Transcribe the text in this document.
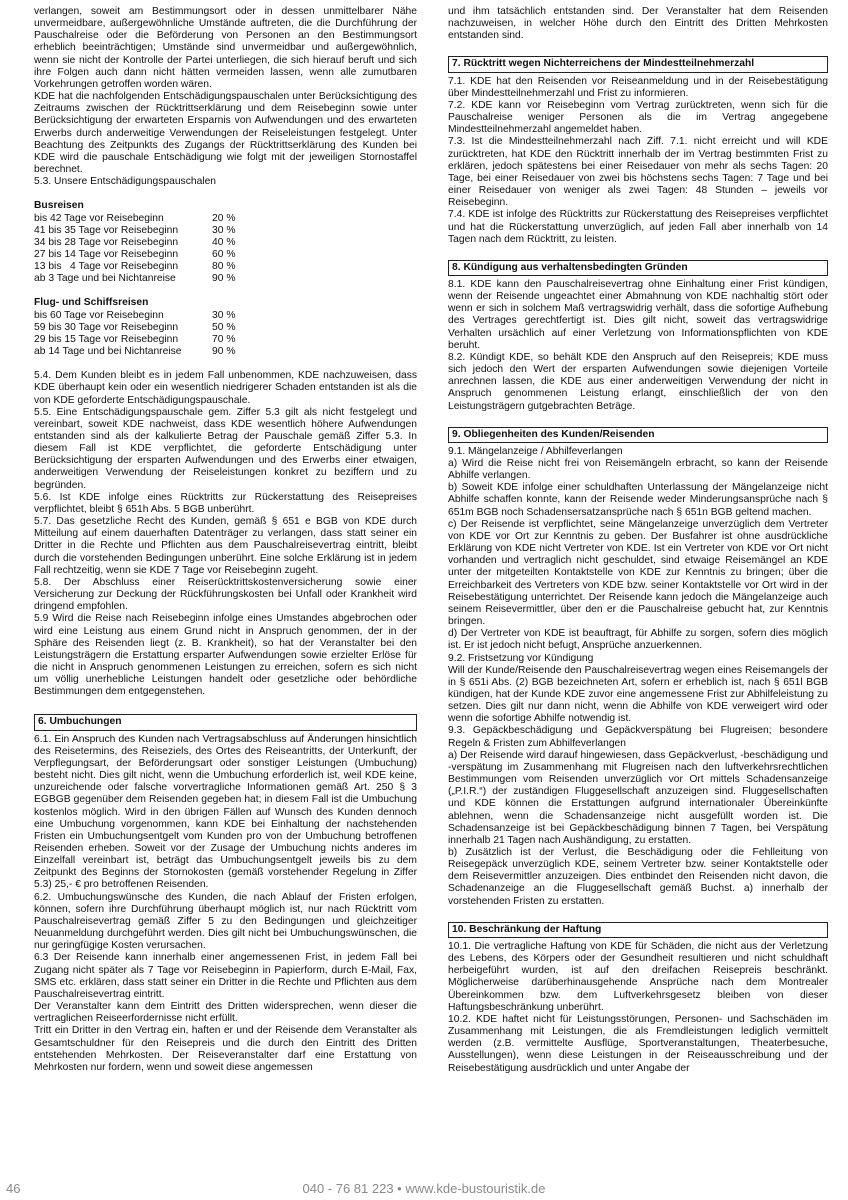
verlangen, soweit am Bestimmungsort oder in dessen unmittelbarer Nähe unvermeidbare, außergewöhnliche Umstände auftreten, die die Durchführung der Pauschalreise oder die Beförderung von Personen an den Bestimmungsort erheblich beeinträchtigen; Umstände sind unvermeidbar und außergewöhnlich, wenn sie nicht der Kontrolle der Partei unterliegen, die sich hierauf beruft und sich ihre Folgen auch dann nicht hätten vermeiden lassen, wenn alle zumutbaren Vorkehrungen getroffen worden wären.

KDE hat die nachfolgenden Entschädigungspauschalen unter Berücksichtigung des Zeitraums zwischen der Rücktrittserklärung und dem Reisebeginn sowie unter Berücksichtigung der erwarteten Ersparnis von Aufwendungen und des erwarteten Erwerbs durch anderweitige Verwendungen der Reiseleistungen festgelegt. Unter Beachtung des Zeitpunkts des Zugangs der Rücktrittserklärung des Kunden bei KDE wird die pauschale Entschädigung wie folgt mit der jeweiligen Stornostaffel berechnet.

5.3. Unsere Entschädigungspauschalen

Busreisen
bis 42 Tage vor Reisebeginn	20 %
41 bis 35 Tage vor Reisebeginn	30 %
34 bis 28 Tage vor Reisebeginn	40 %
27 bis 14 Tage vor Reisebeginn	60 %
13 bis   4 Tage vor Reisebeginn	80 %
ab 3 Tage und bei Nichtanreise	90 %
Flug- und Schiffsreisen
bis 60 Tage vor Reisebeginn	30 %
59 bis 30 Tage vor Reisebeginn	50 %
29 bis 15 Tage vor Reisebeginn	70 %
ab 14 Tage und bei Nichtanreise	90 %

5.4. Dem Kunden bleibt es in jedem Fall unbenommen, KDE nachzuweisen, dass KDE überhaupt kein oder ein wesentlich niedrigerer Schaden entstanden ist als die von KDE geforderte Entschädigungspauschale.

5.5. Eine Entschädigungspauschale gem. Ziffer 5.3 gilt als nicht festgelegt und vereinbart, soweit KDE nachweist, dass KDE wesentlich höhere Aufwendungen entstanden sind als der kalkulierte Betrag der Pauschale gemäß Ziffer 5.3. In diesem Fall ist KDE verpflichtet, die geforderte Entschädigung unter Berücksichtigung der ersparten Aufwendungen und des Erwerbs einer etwaigen, anderweitigen Verwendung der Reiseleistungen konkret zu beziffern und zu begründen.

5.6. Ist KDE infolge eines Rücktritts zur Rückerstattung des Reisepreises verpflichtet, bleibt § 651h Abs. 5 BGB unberührt.

5.7. Das gesetzliche Recht des Kunden, gemäß § 651 e BGB von KDE durch Mitteilung auf einem dauerhaften Datenträger zu verlangen, dass statt seiner ein Dritter in die Rechte und Pflichten aus dem Pauschalreisevertrag eintritt, bleibt durch die vorstehenden Bedingungen unberührt. Eine solche Erklärung ist in jedem Fall rechtzeitig, wenn sie KDE 7 Tage vor Reisebeginn zugeht.

5.8. Der Abschluss einer Reiserücktrittskostenversicherung sowie einer Versicherung zur Deckung der Rückführungskosten bei Unfall oder Krankheit wird dringend empfohlen.

5.9 Wird die Reise nach Reisebeginn infolge eines Umstandes abgebrochen oder wird eine Leistung aus einem Grund nicht in Anspruch genommen, der in der Sphäre des Reisenden liegt (z. B. Krankheit), so hat der Veranstalter bei den Leistungsträgern die Erstattung ersparter Aufwendungen sowie erzielter Erlöse für die nicht in Anspruch genommenen Leistungen zu erreichen, sofern es sich nicht um völlig unerhebliche Leistungen handelt oder gesetzliche oder behördliche Bestimmungen dem entgegenstehen.

6. Umbuchungen

6.1. Ein Anspruch des Kunden nach Vertragsabschluss auf Änderungen hinsichtlich des Reisetermins, des Reiseziels, des Ortes des Reiseantritts, der Unterkunft, der Verpflegungsart, der Beförderungsart oder sonstiger Leistungen (Umbuchung) besteht nicht. Dies gilt nicht, wenn die Umbuchung erforderlich ist, weil KDE keine, unzureichende oder falsche vorvertragliche Informationen gemäß Art. 250 § 3 EGBGB gegenüber dem Reisenden gegeben hat; in diesem Fall ist die Umbuchung kostenlos möglich. Wird in den übrigen Fällen auf Wunsch des Kunden dennoch eine Umbuchung vorgenommen, kann KDE bei Einhaltung der nachstehenden Fristen ein Umbuchungsentgelt vom Kunden pro von der Umbuchung betroffenen Reisenden erheben. Soweit vor der Zusage der Umbuchung nichts anderes im Einzelfall vereinbart ist, beträgt das Umbuchungsentgelt jeweils bis zu dem Zeitpunkt des Beginns der Stornokosten (gemäß vorstehender Regelung in Ziffer 5.3) 25,- € pro betroffenen Reisenden.

6.2. Umbuchungswünsche des Kunden, die nach Ablauf der Fristen erfolgen, können, sofern ihre Durchführung überhaupt möglich ist, nur nach Rücktritt vom Pauschalreisevertrag gemäß Ziffer 5 zu den Bedingungen und gleichzeitiger Neuanmeldung durchgeführt werden. Dies gilt nicht bei Umbuchungswünschen, die nur geringfügige Kosten verursachen.

6.3 Der Reisende kann innerhalb einer angemessenen Frist, in jedem Fall bei Zugang nicht später als 7 Tage vor Reisebeginn in Papierform, durch E-Mail, Fax, SMS etc. erklären, dass statt seiner ein Dritter in die Rechte und Pflichten aus dem Pauschalreisevertrag eintritt.

Der Veranstalter kann dem Eintritt des Dritten widersprechen, wenn dieser die vertraglichen Reiseerfordernisse nicht erfüllt.

Tritt ein Dritter in den Vertrag ein, haften er und der Reisende dem Veranstalter als Gesamtschuldner für den Reisepreis und die durch den Eintritt des Dritten entstehenden Mehrkosten. Der Reiseveranstalter darf eine Erstattung von Mehrkosten nur fordern, wenn und soweit diese angemessen

und ihm tatsächlich entstanden sind. Der Veranstalter hat dem Reisenden nachzuweisen, in welcher Höhe durch den Eintritt des Dritten Mehrkosten entstanden sind.

7. Rücktritt wegen Nichterreichens der Mindestteilnehmerzahl

7.1. KDE hat den Reisenden vor Reiseanmeldung und in der Reisebestätigung über Mindestteilnehmerzahl und Frist zu informieren.

7.2. KDE kann vor Reisebeginn vom Vertrag zurücktreten, wenn sich für die Pauschalreise weniger Personen als die im Vertrag angegebene Mindestteilnehmerzahl angemeldet haben.

7.3. Ist die Mindestteilnehmerzahl nach Ziff. 7.1. nicht erreicht und will KDE zurücktreten, hat KDE den Rücktritt innerhalb der im Vertrag bestimmten Frist zu erklären, jedoch spätestens bei einer Reisedauer von mehr als sechs Tagen: 20 Tage, bei einer Reisedauer von zwei bis höchstens sechs Tagen: 7 Tage und bei einer Reisedauer von weniger als zwei Tagen: 48 Stunden – jeweils vor Reisebeginn.

7.4. KDE ist infolge des Rücktritts zur Rückerstattung des Reisepreises verpflichtet und hat die Rückerstattung unverzüglich, auf jeden Fall aber innerhalb von 14 Tagen nach dem Rücktritt, zu leisten.

8. Kündigung aus verhaltensbedingten Gründen

8.1. KDE kann den Pauschalreisevertrag ohne Einhaltung einer Frist kündigen, wenn der Reisende ungeachtet einer Abmahnung von KDE nachhaltig stört oder wenn er sich in solchem Maß vertragswidrig verhält, dass die sofortige Aufhebung des Vertrages gerechtfertigt ist. Dies gilt nicht, soweit das vertragswidrige Verhalten ursächlich auf einer Verletzung von Informationspflichten von KDE beruht.

8.2. Kündigt KDE, so behält KDE den Anspruch auf den Reisepreis; KDE muss sich jedoch den Wert der ersparten Aufwendungen sowie diejenigen Vorteile anrechnen lassen, die KDE aus einer anderweitigen Verwendung der nicht in Anspruch genommenen Leistung erlangt, einschließlich der von den Leistungsträgern gutgebrachten Beträge.

9. Obliegenheiten des Kunden/Reisenden

9.1. Mängelanzeige / Abhilfeverlangen

a) Wird die Reise nicht frei von Reisemängeln erbracht, so kann der Reisende Abhilfe verlangen.

b) Soweit KDE infolge einer schuldhaften Unterlassung der Mängelanzeige nicht Abhilfe schaffen konnte, kann der Reisende weder Minderungsansprüche nach § 651m BGB noch Schadensersatzansprüche nach § 651n BGB geltend machen.

c) Der Reisende ist verpflichtet, seine Mängelanzeige unverzüglich dem Vertreter von KDE vor Ort zur Kenntnis zu geben. Der Busfahrer ist ohne ausdrückliche Erklärung von KDE nicht Vertreter von KDE. Ist ein Vertreter von KDE vor Ort nicht vorhanden und vertraglich nicht geschuldet, sind etwaige Reisemängel an KDE unter der mitgeteilten Kontaktstelle von KDE zur Kenntnis zu bringen; über die Erreichbarkeit des Vertreters von KDE bzw. seiner Kontaktstelle vor Ort wird in der Reisebestätigung unterrichtet. Der Reisende kann jedoch die Mängelanzeige auch seinem Reisevermittler, über den er die Pauschalreise gebucht hat, zur Kenntnis bringen.

d) Der Vertreter von KDE ist beauftragt, für Abhilfe zu sorgen, sofern dies möglich ist. Er ist jedoch nicht befugt, Ansprüche anzuerkennen.

9.2. Fristsetzung vor Kündigung

Will der Kunde/Reisende den Pauschalreisevertrag wegen eines Reisemangels der in § 651i Abs. (2) BGB bezeichneten Art, sofern er erheblich ist, nach § 651l BGB kündigen, hat der Kunde KDE zuvor eine angemessene Frist zur Abhilfeleistung zu setzen. Dies gilt nur dann nicht, wenn die Abhilfe von KDE verweigert wird oder wenn die sofortige Abhilfe notwendig ist.

9.3. Gepäckbeschädigung und Gepäckverspätung bei Flugreisen; besondere Regeln & Fristen zum Abhilfeverlangen

a) Der Reisende wird darauf hingewiesen, dass Gepäckverlust, -beschädigung und -verspätung im Zusammenhang mit Flugreisen nach den luftverkehrsrechtlichen Bestimmungen vom Reisenden unverzüglich vor Ort mittels Schadensanzeige („P.I.R.“) der zuständigen Fluggesellschaft anzuzeigen sind. Fluggesellschaften und KDE können die Erstattungen aufgrund internationaler Übereinkünfte ablehnen, wenn die Schadensanzeige nicht ausgefüllt worden ist. Die Schadensanzeige ist bei Gepäckbeschädigung binnen 7 Tagen, bei Verspätung innerhalb 21 Tagen nach Aushändigung, zu erstatten.

b) Zusätzlich ist der Verlust, die Beschädigung oder die Fehlleitung von Reisegepäck unverzüglich KDE, seinem Vertreter bzw. seiner Kontaktstelle oder dem Reisevermittler anzuzeigen. Dies entbindet den Reisenden nicht davon, die Schadenanzeige an die Fluggesellschaft gemäß Buchst. a) innerhalb der vorstehenden Fristen zu erstatten.

10. Beschränkung der Haftung

10.1. Die vertragliche Haftung von KDE für Schäden, die nicht aus der Verletzung des Lebens, des Körpers oder der Gesundheit resultieren und nicht schuldhaft herbeigeführt wurden, ist auf den dreifachen Reisepreis beschränkt. Möglicherweise darüberhinausgehende Ansprüche nach dem Montrealer Übereinkommen bzw. dem Luftverkehrsgesetz bleiben von dieser Haftungsbeschränkung unberührt.

10.2. KDE haftet nicht für Leistungsstörungen, Personen- und Sachschäden im Zusammenhang mit Leistungen, die als Fremdleistungen lediglich vermittelt werden (z.B. vermittelte Ausflüge, Sportveranstaltungen, Theaterbesuche, Ausstellungen), wenn diese Leistungen in der Reiseausschreibung und der Reisebestätigung ausdrücklich und unter Angabe der

46	040 - 76 81 223 • www.kde-bustouristik.de
